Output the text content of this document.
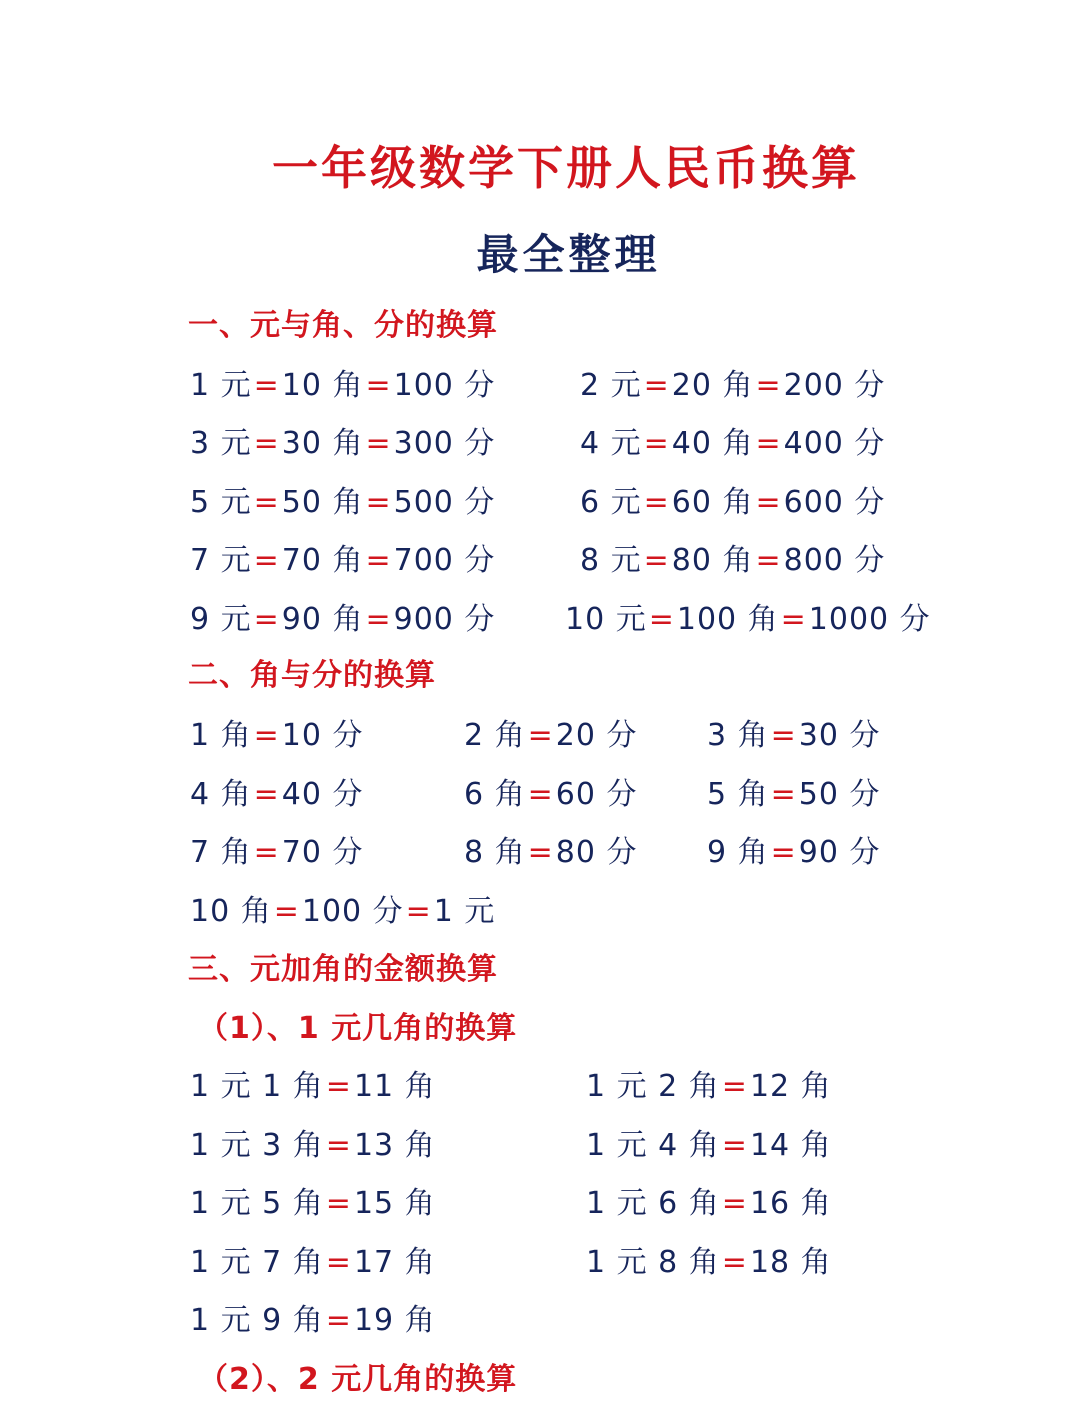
一年级数学下册人民币换算
最全整理
一、元与角、分的换算
1 元=10 角=100 分	2 元=20 角=200 分
3 元=30 角=300 分	4 元=40 角=400 分
5 元=50 角=500 分	6 元=60 角=600 分
7 元=70 角=700 分	8 元=80 角=800 分
9 元=90 角=900 分 10 元=100 角=1000 分
二、角与分的换算
1 角=10 分	2 角=20 分 3 角=30 分
4 角=40 分	6 角=60 分 5 角=50 分
7 角=70 分	8 角=80 分 9 角=90 分
10 角=100 分=1 元
三、元加角的金额换算
（1）、1 元几角的换算
1 元 1 角=11 角	1 元 2 角=12 角
1 元 3 角=13 角	1 元 4 角=14 角
1 元 5 角=15 角	1 元 6 角=16 角
1 元 7 角=17 角	1 元 8 角=18 角
1 元 9 角=19 角
（2）、2 元几角的换算
